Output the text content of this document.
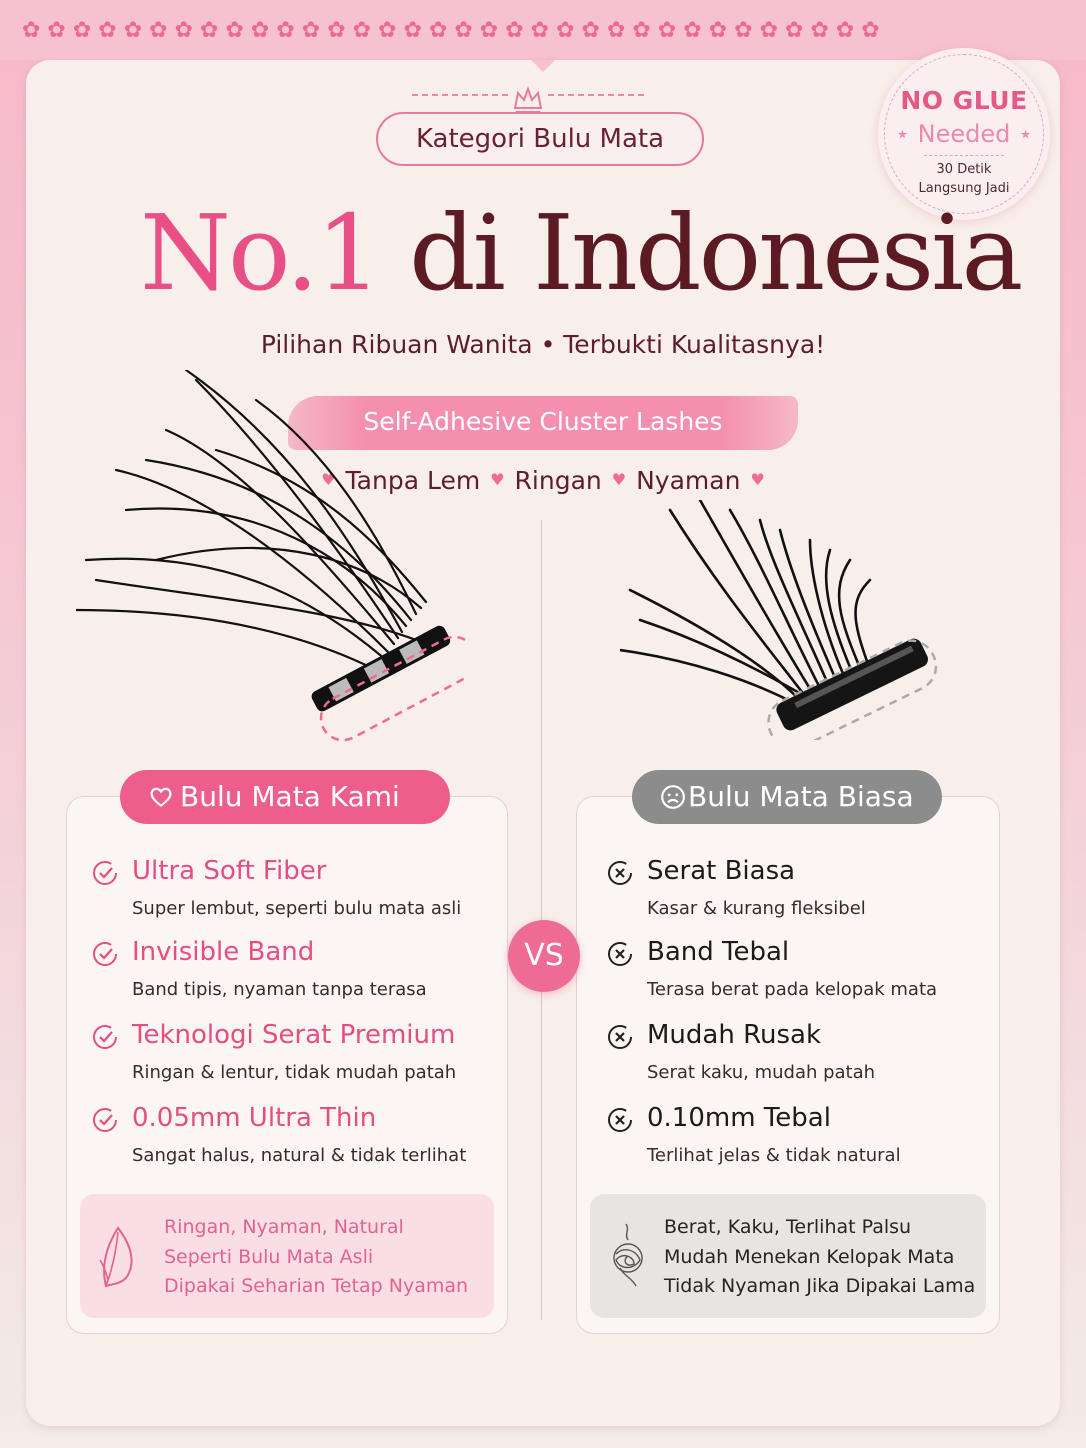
✿✿✿✿✿✿✿✿✿✿✿✿✿✿✿✿✿✿✿✿✿✿✿✿✿✿✿✿✿✿✿✿✿✿
Kategori Bulu Mata
NO GLUE
⋆ Needed ⋆
30 Detik
Langsung Jadi
No.1 di Indonesia
Pilihan Ribuan Wanita • Terbukti Kualitasnya!
Self-Adhesive Cluster Lashes
♥ Tanpa Lem ♥ Ringan ♥ Nyaman ♥
Bulu Mata Kami
Ultra Soft Fiber
Super lembut, seperti bulu mata asli
Invisible Band
Band tipis, nyaman tanpa terasa
Teknologi Serat Premium
Ringan & lentur, tidak mudah patah
0.05mm Ultra Thin
Sangat halus, natural & tidak terlihat
Ringan, Nyaman, Natural
Seperti Bulu Mata Asli
Dipakai Seharian Tetap Nyaman
Bulu Mata Biasa
Serat Biasa
Kasar & kurang fleksibel
Band Tebal
Terasa berat pada kelopak mata
Mudah Rusak
Serat kaku, mudah patah
0.10mm Tebal
Terlihat jelas & tidak natural
Berat, Kaku, Terlihat Palsu
Mudah Menekan Kelopak Mata
Tidak Nyaman Jika Dipakai Lama
VS
